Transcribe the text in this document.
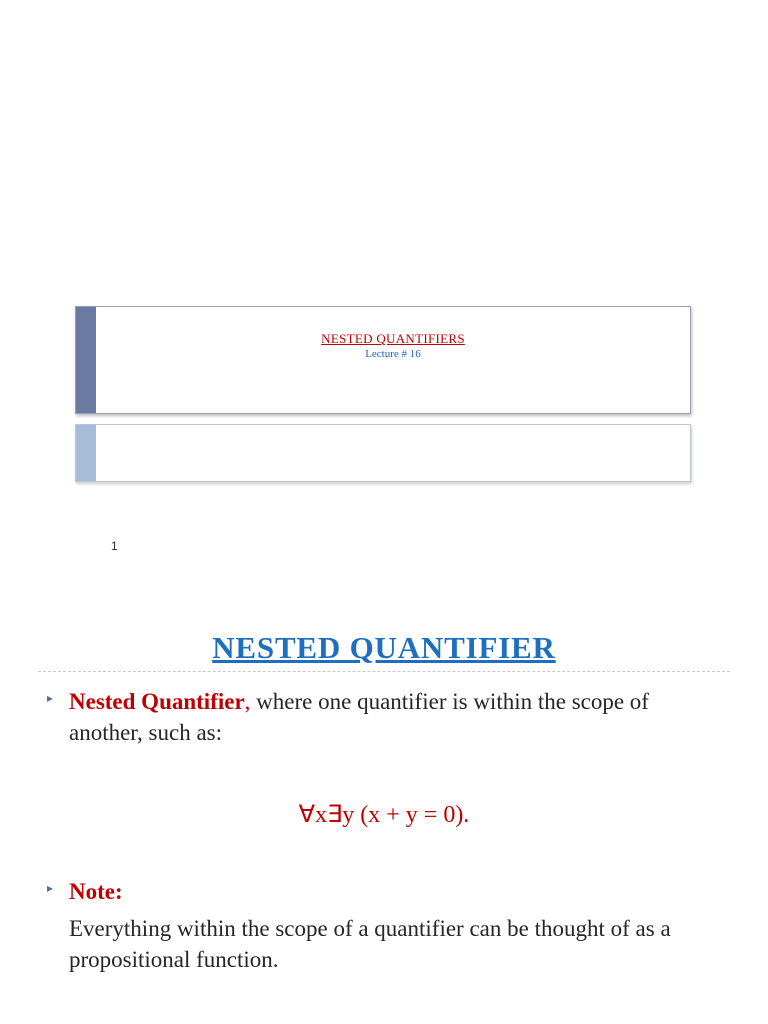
NESTED QUANTIFIERS
Lecture # 16
1
NESTED QUANTIFIER
▸ Nested Quantifier, where one quantifier is within the scope of another, such as:
∀x∃y (x + y = 0).
▸ Note:
Everything within the scope of a quantifier can be thought of as a propositional function.
